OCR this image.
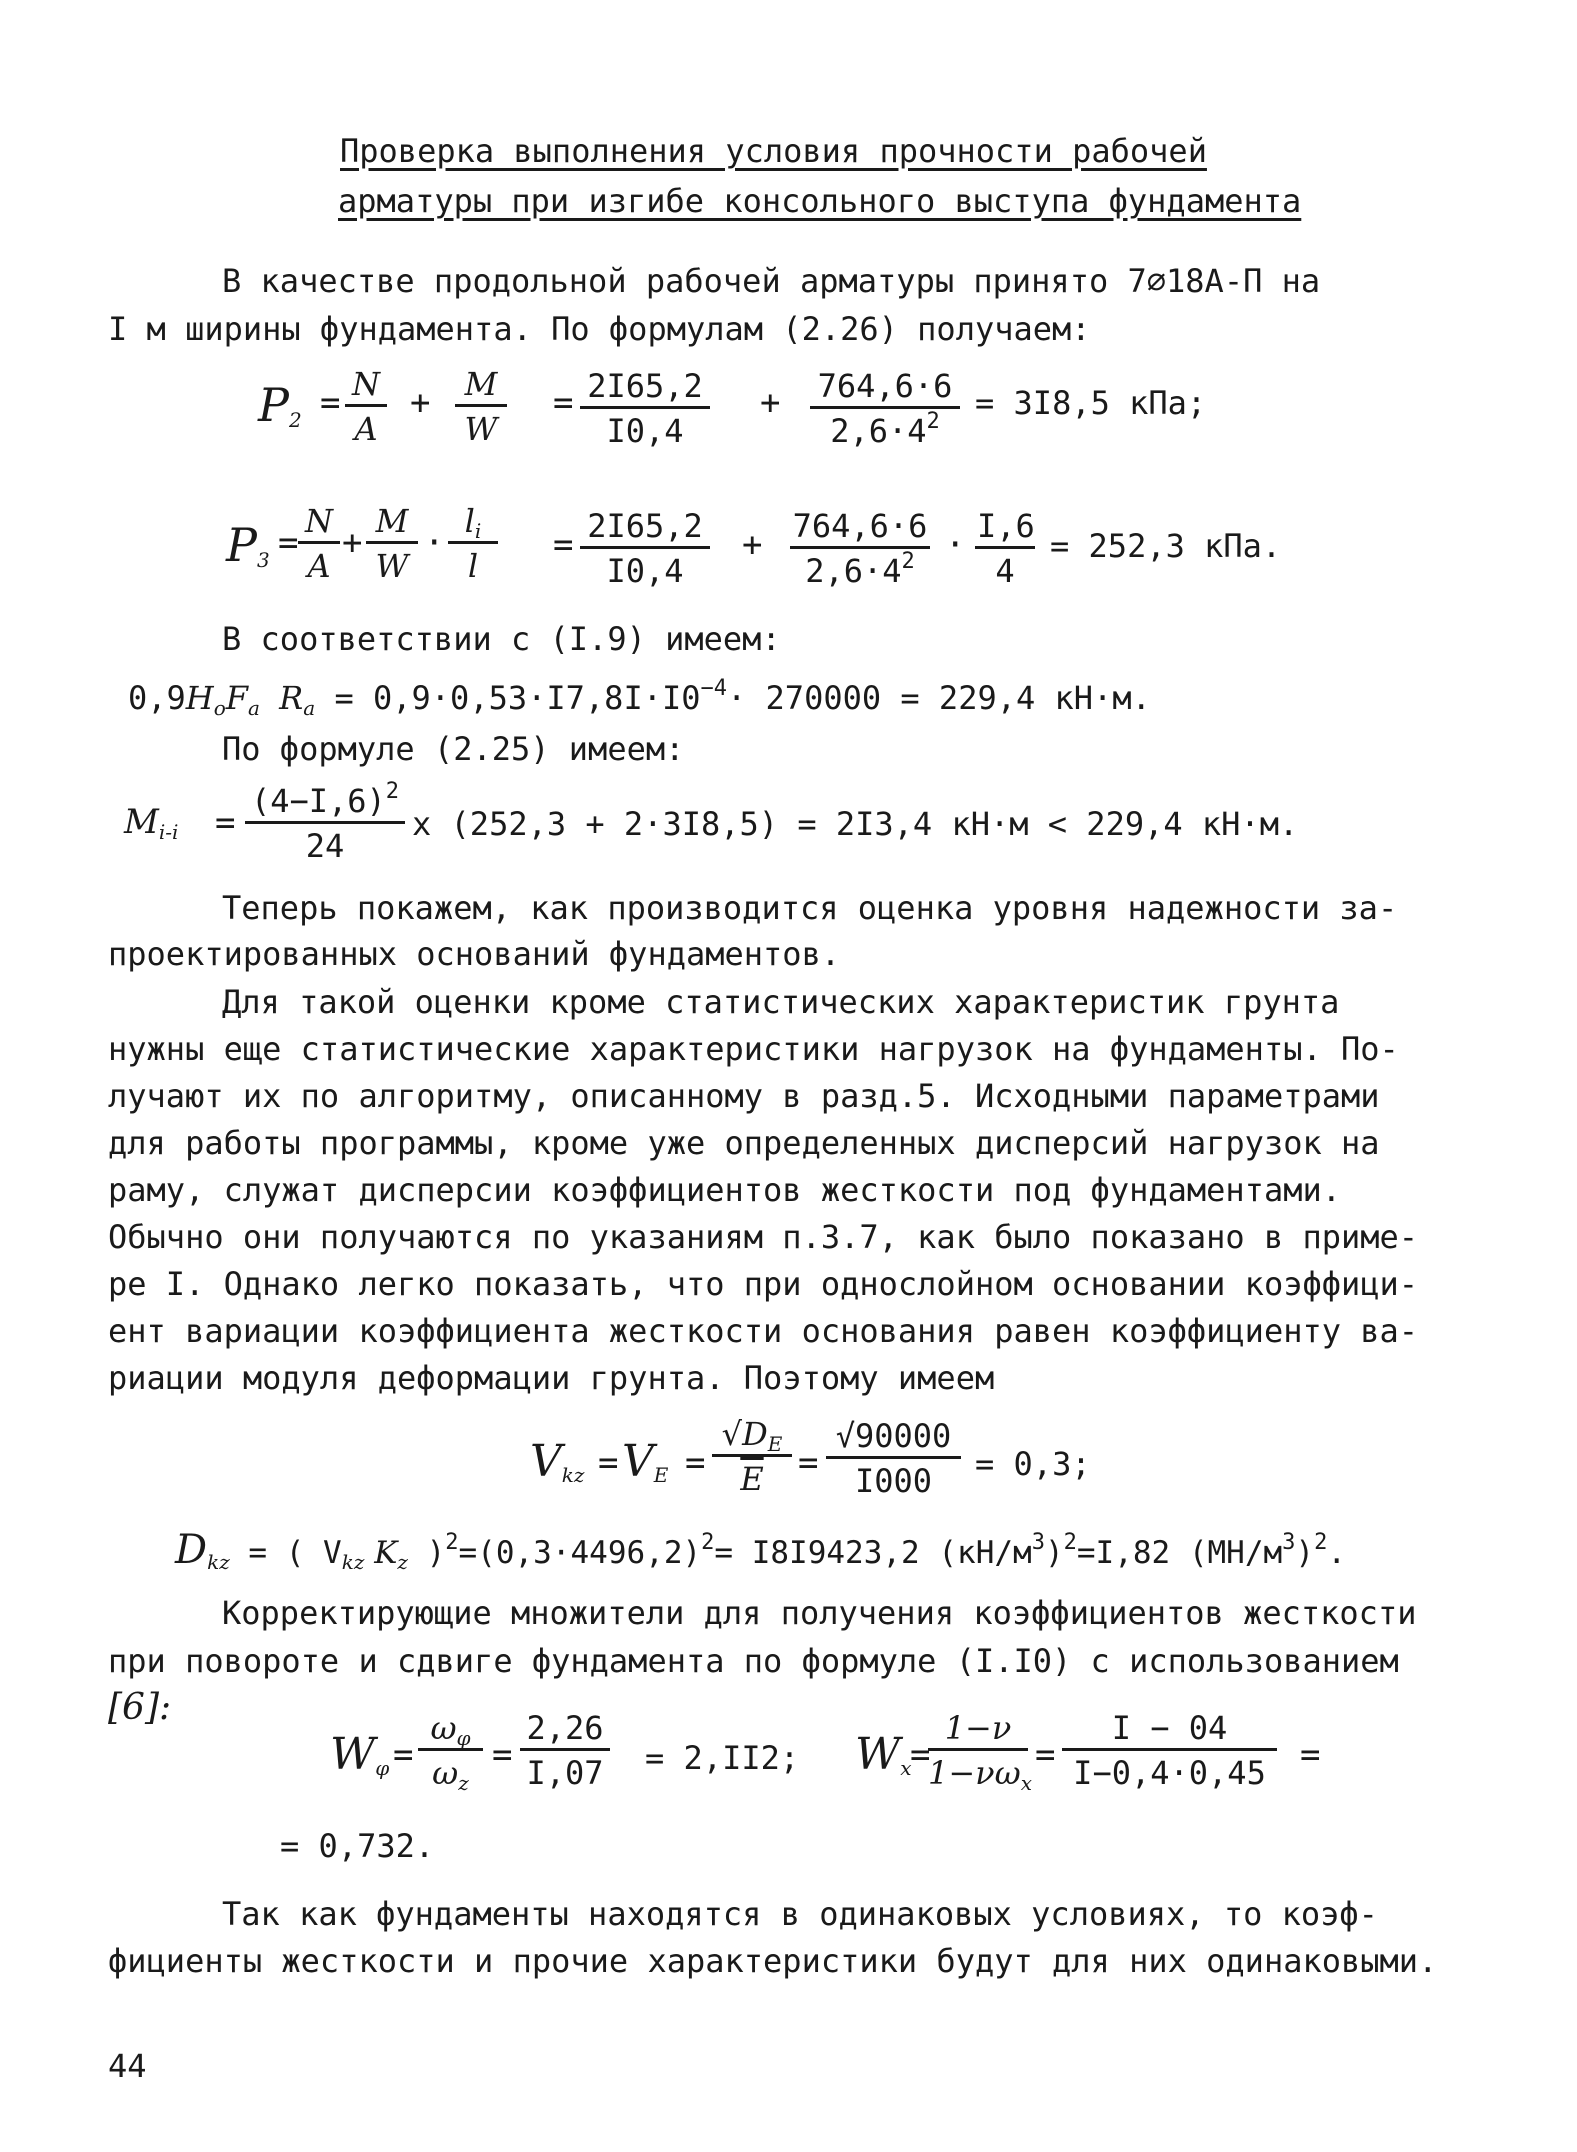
Проверка выполнения условия прочности рабочей
арматуры при изгибе консольного выступа фундамента
В качестве продольной рабочей арматуры принято 7⌀18А-П на
I м ширины фундамента. По формулам (2.26) получаем:
$P_2 = \frac{N}{A} + \frac{M}{W} = \frac{2I65,2}{I0,4} + \frac{764,6\cdot 6}{2,6\cdot 4^2} = 3I8,5$ кПа;
$P_3 = \frac{N}{A} + \frac{M}{W} \cdot \frac{l_i}{l} = \frac{2I65,2}{I0,4} + \frac{764,6\cdot 6}{2,6\cdot 4^2} \cdot \frac{I,6}{4} = 252,3$ кПа.
В соответствии с (I.9) имеем:
$0,9H_oF_a$ $R_a = 0,9\cdot 0,53\cdot I7,8I\cdot I0^{-4}\cdot 270000 = 229,4$ кН·м.
По формуле (2.25) имеем:
$M_{i-i} = \frac{(4-I,6)^2}{24}$ x (252,3 + 2·3I8,5) = 2I3,4 кН·м < 229,4 кН·м.
Теперь покажем, как производится оценка уровня надежности за-
проектированных оснований фундаментов.
Для такой оценки кроме статистических характеристик грунта
нужны еще статистические характеристики нагрузок на фундаменты. По-
лучают их по алгоритму, описанному в разд.5. Исходными параметрами
для работы программы, кроме уже определенных дисперсий нагрузок на
раму, служат дисперсии коэффициентов жесткости под фундаментами.
Обычно они получаются по указаниям п.3.7, как было показано в приме-
ре I. Однако легко показать, что при однослойном основании коэффици-
ент вариации коэффициента жесткости основания равен коэффициенту ва-
риации модуля деформации грунта. Поэтому имеем
$V_{kz} = V_E = \frac{√D_E}{E} = \frac{√90000}{I000} = 0,3$;
$D_{kz}$ = ( $V_{kz}$ $K_z$ )$^2=(0,3\cdot 4496,2)^2= I8I9423,2$ $(кН/м^3)^2=I,82$ $(МН/м^3)^2$.
Корректирующие множители для получения коэффициентов жесткости
при повороте и сдвиге фундамента по формуле (I.I0) с использованием
[6]:
$W_\varphi = \frac{\omega_\varphi}{\omega_z} = \frac{2,26}{I,07} = 2,II2$; $W_x$
=
1−ν
$1-\nu\omega_x$
= $\frac{I - 04}{I-0,4\cdot 0,45}$ =
= 0,732.
Так как фундаменты находятся в одинаковых условиях, то коэф-
фициенты жесткости и прочие характеристики будут для них одинаковыми.
44
